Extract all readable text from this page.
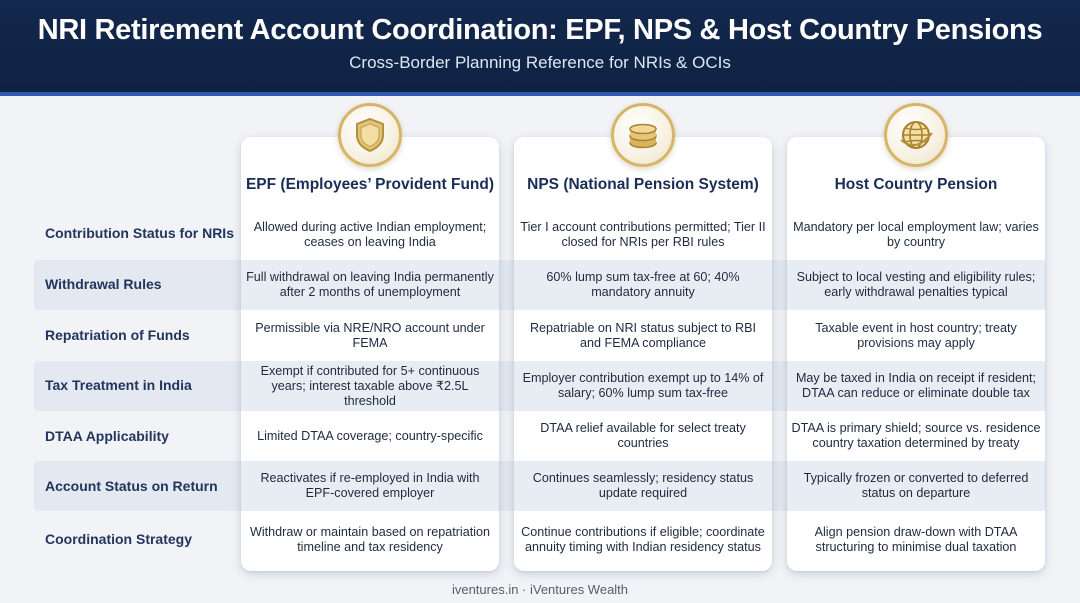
NRI Retirement Account Coordination: EPF, NPS & Host Country Pensions
Cross-Border Planning Reference for NRIs & OCIs
EPF (Employees’ Provident Fund)	NPS (National Pension System)	Host Country Pension
Contribution Status for NRIs
Withdrawal Rules
Repatriation of Funds
Tax Treatment in India
DTAA Applicability
Account Status on Return
Coordination Strategy
Allowed during active Indian employment; ceases on leaving India
Tier I account contributions permitted; Tier II closed for NRIs per RBI rules
Mandatory per local employment law; varies by country
Full withdrawal on leaving India permanently after 2 months of unemployment
60% lump sum tax-free at 60; 40% mandatory annuity
Subject to local vesting and eligibility rules; early withdrawal penalties typical
Permissible via NRE/NRO account under FEMA
Repatriable on NRI status subject to RBI and FEMA compliance
Taxable event in host country; treaty provisions may apply
Exempt if contributed for 5+ continuous years; interest taxable above ₹2.5L threshold
Employer contribution exempt up to 14% of salary; 60% lump sum tax-free
May be taxed in India on receipt if resident; DTAA can reduce or eliminate double tax
Limited DTAA coverage; country-specific
DTAA relief available for select treaty countries
DTAA is primary shield; source vs. residence country taxation determined by treaty
Reactivates if re-employed in India with EPF-covered employer
Continues seamlessly; residency status update required
Typically frozen or converted to deferred status on departure
Withdraw or maintain based on repatriation timeline and tax residency
Continue contributions if eligible; coordinate annuity timing with Indian residency status
Align pension draw-down with DTAA structuring to minimise dual taxation
iventures.in · iVentures Wealth
